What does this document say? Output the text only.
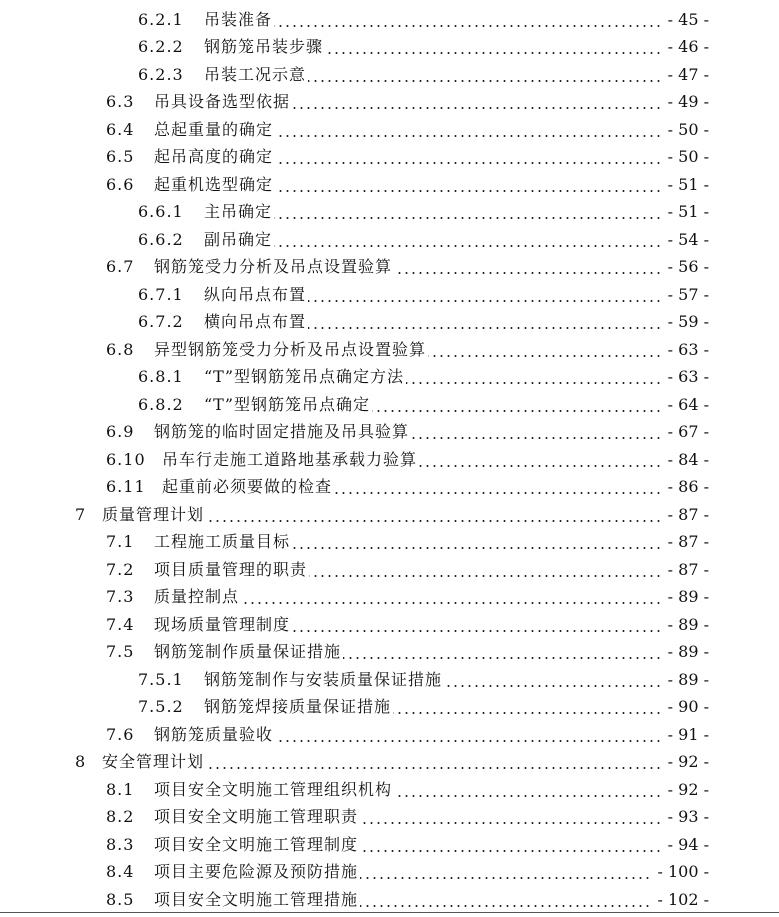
6.2.1 吊装准备	- 45 -
6.2.2 钢筋笼吊装步骤	- 46 -
6.2.3 吊装工况示意	- 47 -
6.3 吊具设备选型依据	- 49 -
6.4 总起重量的确定	- 50 -
6.5 起吊高度的确定	- 50 -
6.6 起重机选型确定	- 51 -
6.6.1 主吊确定	- 51 -
6.6.2 副吊确定	- 54 -
6.7 钢筋笼受力分析及吊点设置验算	- 56 -
6.7.1 纵向吊点布置	- 57 -
6.7.2 横向吊点布置	- 59 -
6.8 异型钢筋笼受力分析及吊点设置验算	- 63 -
6.8.1 “T”型钢筋笼吊点确定方法	- 63 -
6.8.2 “T”型钢筋笼吊点确定	- 64 -
6.9 钢筋笼的临时固定措施及吊具验算	- 67 -
6.10 吊车行走施工道路地基承载力验算	- 84 -
6.11 起重前必须要做的检查	- 86 -
7 质量管理计划	- 87 -
7.1 工程施工质量目标	- 87 -
7.2 项目质量管理的职责	- 87 -
7.3 质量控制点	- 89 -
7.4 现场质量管理制度	- 89 -
7.5 钢筋笼制作质量保证措施	- 89 -
7.5.1 钢筋笼制作与安装质量保证措施	- 89 -
7.5.2 钢筋笼焊接质量保证措施	- 90 -
7.6 钢筋笼质量验收	- 91 -
8 安全管理计划	- 92 -
8.1 项目安全文明施工管理组织机构	- 92 -
8.2 项目安全文明施工管理职责	- 93 -
8.3 项目安全文明施工管理制度	- 94 -
8.4 项目主要危险源及预防措施	- 100 -
8.5 项目安全文明施工管理措施	- 102 -
